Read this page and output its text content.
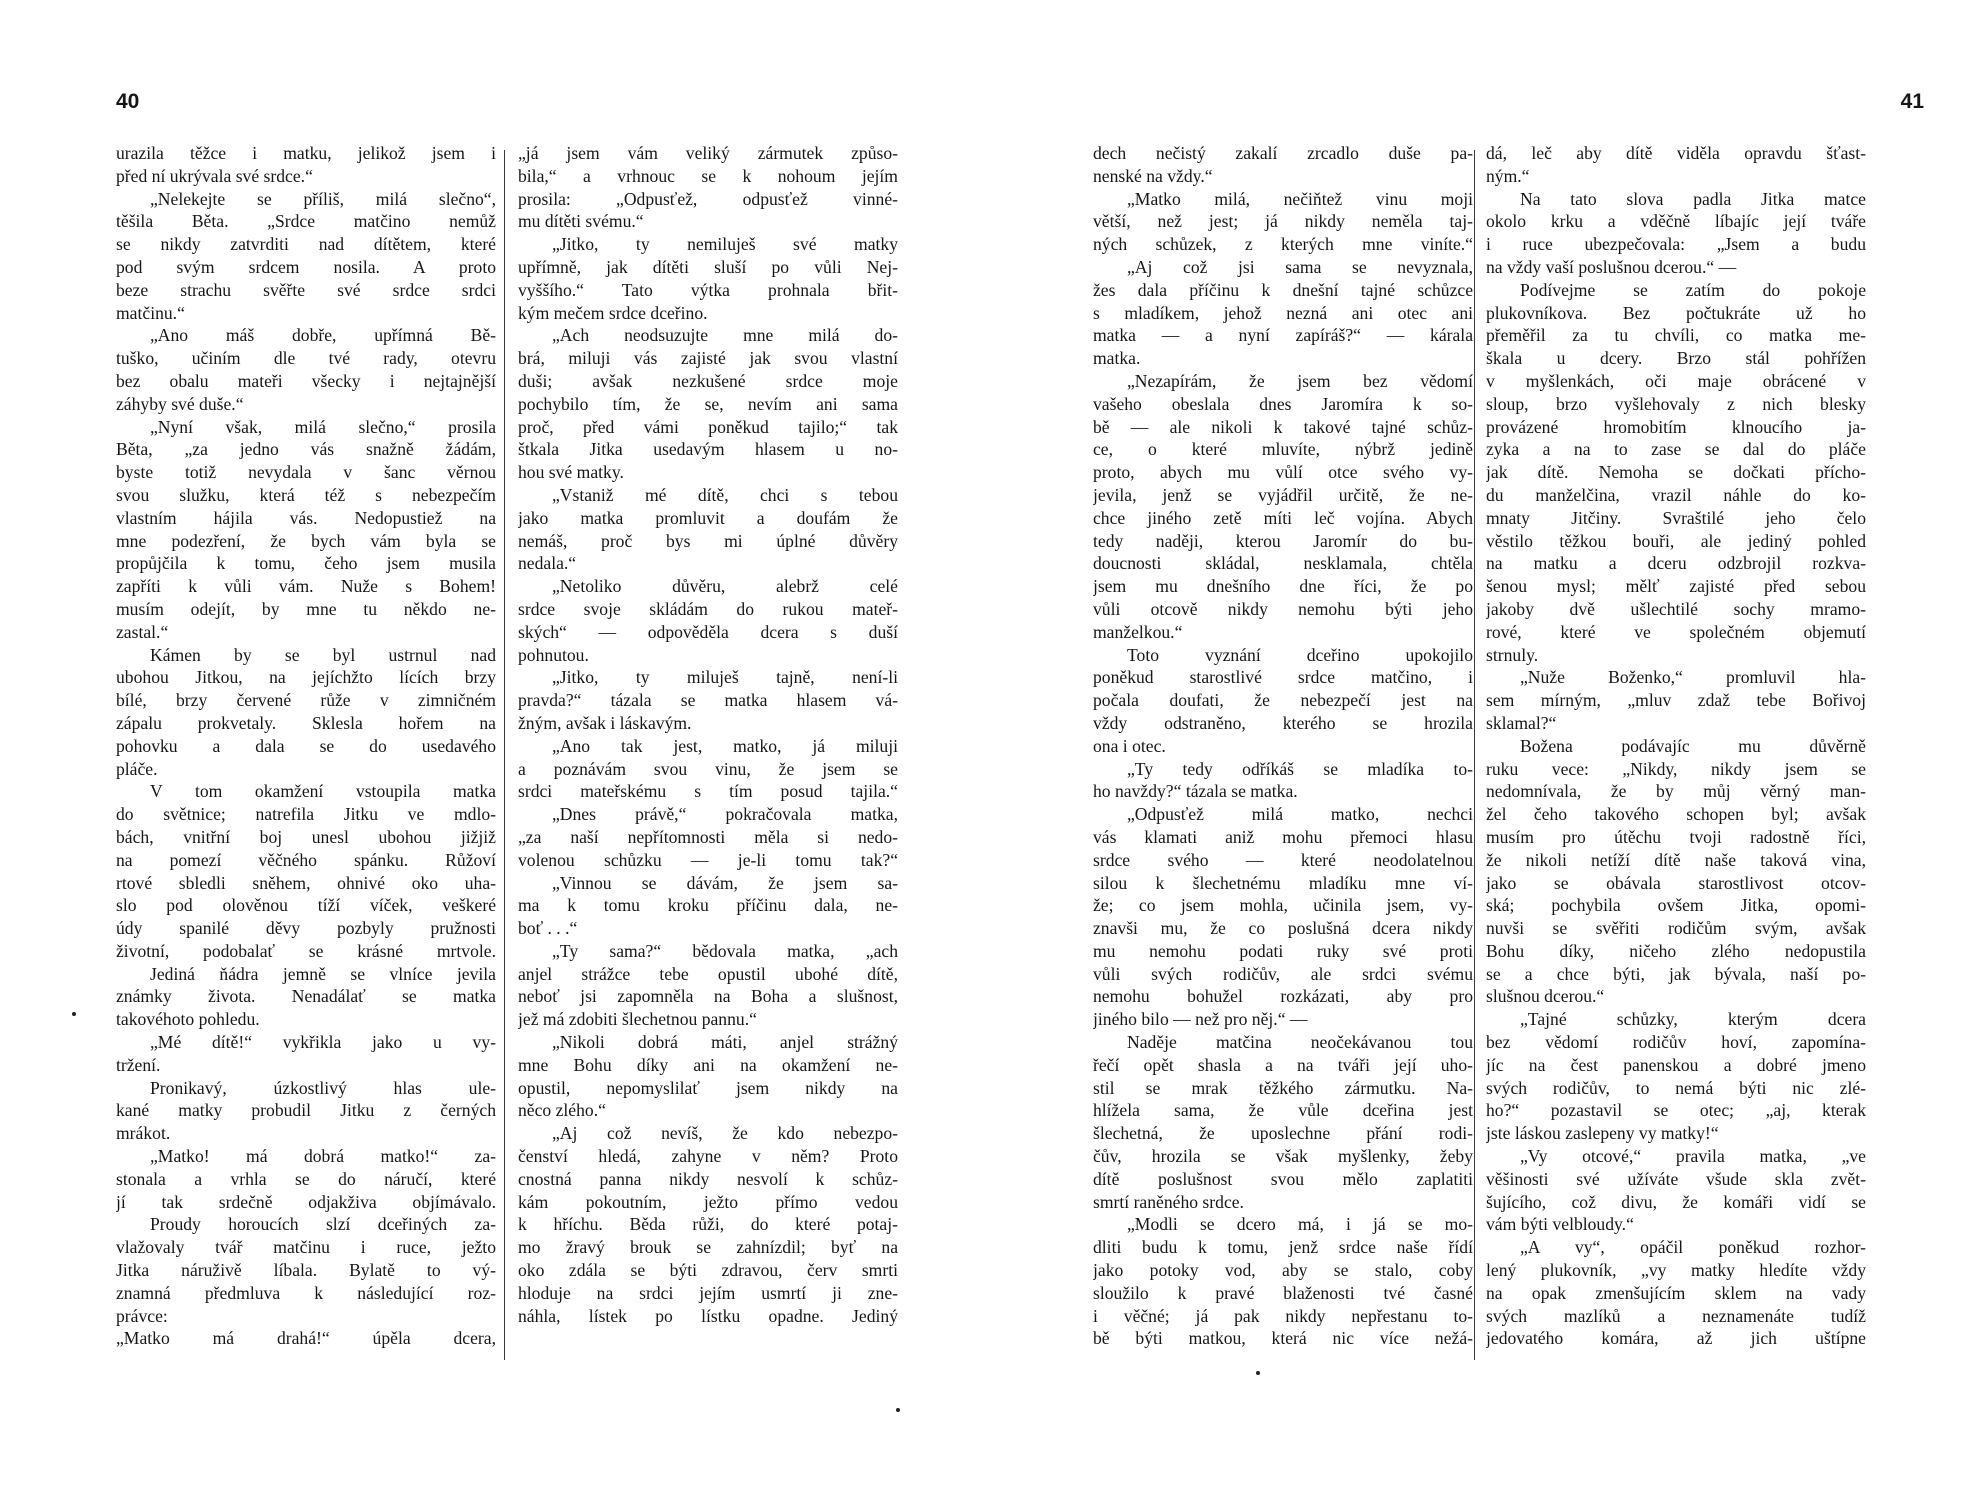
40
urazila těžce i matku, jelikož jsem i
před ní ukrývala své srdce.“
„Nelekejte se příliš, milá slečno“,
těšila Běta. „Srdce matčino nemůž
se nikdy zatvrditi nad dítětem, které
pod svým srdcem nosila. A proto
beze strachu svěřte své srdce srdci
matčinu.“
„Ano máš dobře, upřímná Bě-
tuško, učiním dle tvé rady, otevru
bez obalu mateři všecky i nejtajnější
záhyby své duše.“
„Nyní však, milá slečno,“ prosila
Běta, „za jedno vás snažně žádám,
byste totiž nevydala v šanc věrnou
svou služku, která též s nebezpečím
vlastním hájila vás. Nedopustiež na
mne podezření, že bych vám byla se
propůjčila k tomu, čeho jsem musila
zapříti k vůli vám. Nuže s Bohem!
musím odejít, by mne tu někdo ne-
zastal.“
Kámen by se byl ustrnul nad
ubohou Jitkou, na jejíchžto lících brzy
bílé, brzy červené růže v zimničném
zápalu prokvetaly. Sklesla hořem na
pohovku a dala se do usedavého
pláče.
V tom okamžení vstoupila matka
do světnice; natrefila Jitku ve mdlo-
bách, vnitřní boj unesl ubohou jižjiž
na pomezí věčného spánku. Růžoví
rtové sbledli sněhem, ohnivé oko uha-
slo pod olověnou tíží víček, veškeré
údy spanilé děvy pozbyly pružnosti
životní, podobalať se krásné mrtvole.
Jediná ňádra jemně se vlníce jevila
známky života. Nenadálať se matka
takovéhoto pohledu.
„Mé dítě!“ vykřikla jako u vy-
tržení.
Pronikavý, úzkostlivý hlas ule-
kané matky probudil Jitku z černých
mrákot.
„Matko! má dobrá matko!“ za-
stonala a vrhla se do náručí, které
jí tak srdečně odjakživa objímávalo.
Proudy horoucích slzí dceřiných za-
vlažovaly tvář matčinu i ruce, ježto
Jitka náruživě líbala. Bylatě to vý-
znamná předmluva k následující roz-
právce:
„Matko má drahá!“ úpěla dcera,
„já jsem vám veliký zármutek způso-
bila,“ a vrhnouc se k nohoum jejím
prosila: „Odpusťež, odpusťež vinné-
mu dítěti svému.“
„Jitko, ty nemiluješ své matky
upřímně, jak dítěti sluší po vůli Nej-
vyššího.“ Tato výtka prohnala břit-
kým mečem srdce dceřino.
„Ach neodsuzujte mne milá do-
brá, miluji vás zajisté jak svou vlastní
duši; avšak nezkušené srdce moje
pochybilo tím, že se, nevím ani sama
proč, před vámi poněkud tajilo;“ tak
štkala Jitka usedavým hlasem u no-
hou své matky.
„Vstaniž mé dítě, chci s tebou
jako matka promluvit a doufám že
nemáš, proč bys mi úplné důvěry
nedala.“
„Netoliko důvěru, alebrž celé
srdce svoje skládám do rukou mateř-
ských“ — odpověděla dcera s duší
pohnutou.
„Jitko, ty miluješ tajně, není-li
pravda?“ tázala se matka hlasem vá-
žným, avšak i láskavým.
„Ano tak jest, matko, já miluji
a poznávám svou vinu, že jsem se
srdci mateřskému s tím posud tajila.“
„Dnes právě,“ pokračovala matka,
„za naší nepřítomnosti měla si nedo-
volenou schůzku — je-li tomu tak?“
„Vinnou se dávám, že jsem sa-
ma k tomu kroku příčinu dala, ne-
boť . . .“
„Ty sama?“ bědovala matka, „ach
anjel strážce tebe opustil ubohé dítě,
neboť jsi zapomněla na Boha a slušnost,
jež má zdobiti šlechetnou pannu.“
„Nikoli dobrá máti, anjel strážný
mne Bohu díky ani na okamžení ne-
opustil, nepomyslilať jsem nikdy na
něco zlého.“
„Aj což nevíš, že kdo nebezpo-
čenství hledá, zahyne v něm? Proto
cnostná panna nikdy nesvolí k schůz-
kám pokoutním, ježto přímo vedou
k hříchu. Běda růži, do které potaj-
mo žravý brouk se zahnízdil; byť na
oko zdála se býti zdravou, červ smrti
hloduje na srdci jejím usmrtí ji zne-
náhla, lístek po lístku opadne. Jediný
41
dech nečistý zakalí zrcadlo duše pa-
nenské na vždy.“
„Matko milá, nečiňtež vinu moji
větší, než jest; já nikdy neměla taj-
ných schůzek, z kterých mne viníte.“
„Aj což jsi sama se nevyznala,
žes dala příčinu k dnešní tajné schůzce
s mladíkem, jehož nezná ani otec ani
matka — a nyní zapíráš?“ — kárala
matka.
„Nezapírám, že jsem bez vědomí
vašeho obeslala dnes Jaromíra k so-
bě — ale nikoli k takové tajné schůz-
ce, o které mluvíte, nýbrž jedině
proto, abych mu vůlí otce svého vy-
jevila, jenž se vyjádřil určitě, že ne-
chce jiného zetě míti leč vojína. Abych
tedy naději, kterou Jaromír do bu-
doucnosti skládal, nesklamala, chtěla
jsem mu dnešního dne říci, že po
vůli otcově nikdy nemohu býti jeho
manželkou.“
Toto vyznání dceřino upokojilo
poněkud starostlivé srdce matčino, i
počala doufati, že nebezpečí jest na
vždy odstraněno, kterého se hrozila
ona i otec.
„Ty tedy odříkáš se mladíka to-
ho navždy?“ tázala se matka.
„Odpusťež milá matko, nechci
vás klamati aniž mohu přemoci hlasu
srdce svého — které neodolatelnou
silou k šlechetnému mladíku mne ví-
že; co jsem mohla, učinila jsem, vy-
znavši mu, že co poslušná dcera nikdy
mu nemohu podati ruky své proti
vůli svých rodičův, ale srdci svému
nemohu bohužel rozkázati, aby pro
jiného bilo — než pro něj.“ —
Naděje matčina neočekávanou tou
řečí opět shasla a na tváři její uho-
stil se mrak těžkého zármutku. Na-
hlížela sama, že vůle dceřina jest
šlechetná, že uposlechne přání rodi-
čův, hrozila se však myšlenky, žeby
dítě poslušnost svou mělo zaplatiti
smrtí raněného srdce.
„Modli se dcero má, i já se mo-
dliti budu k tomu, jenž srdce naše řídí
jako potoky vod, aby se stalo, coby
sloužilo k pravé blaženosti tvé časné
i věčné; já pak nikdy nepřestanu to-
bě býti matkou, která nic více nežá-
dá, leč aby dítě viděla opravdu šťast-
ným.“
Na tato slova padla Jitka matce
okolo krku a vděčně líbajíc její tváře
i ruce ubezpečovala: „Jsem a budu
na vždy vaší poslušnou dcerou.“ —
Podívejme se zatím do pokoje
plukovníkova. Bez počtukráte už ho
přeměřil za tu chvíli, co matka me-
škala u dcery. Brzo stál pohřížen
v myšlenkách, oči maje obrácené v
sloup, brzo vyšlehovaly z nich blesky
provázené hromobitím klnoucího ja-
zyka a na to zase se dal do pláče
jak dítě. Nemoha se dočkati přícho-
du manželčina, vrazil náhle do ko-
mnaty Jitčiny. Svraštilé jeho čelo
věstilo těžkou bouři, ale jediný pohled
na matku a dceru odzbrojil rozkva-
šenou mysl; mělť zajisté před sebou
jakoby dvě ušlechtilé sochy mramo-
rové, které ve společném objemutí
strnuly.
„Nuže Boženko,“ promluvil hla-
sem mírným, „mluv zdaž tebe Bořivoj
sklamal?“
Božena podávajíc mu důvěrně
ruku vece: „Nikdy, nikdy jsem se
nedomnívala, že by můj věrný man-
žel čeho takového schopen byl; avšak
musím pro útěchu tvoji radostně říci,
že nikoli netíží dítě naše taková vina,
jako se obávala starostlivost otcov-
ská; pochybila ovšem Jitka, opomi-
nuvši se svěřiti rodičům svým, avšak
Bohu díky, ničeho zlého nedopustila
se a chce býti, jak bývala, naší po-
slušnou dcerou.“
„Tajné schůzky, kterým dcera
bez vědomí rodičův hoví, zapomína-
jíc na čest panenskou a dobré jmeno
svých rodičův, to nemá býti nic zlé-
ho?“ pozastavil se otec; „aj, kterak
jste láskou zaslepeny vy matky!“
„Vy otcové,“ pravila matka, „ve
věšinosti své užíváte všude skla zvět-
šujícího, což divu, že komáři vidí se
vám býti velbloudy.“
„A vy“, opáčil poněkud rozhor-
lený plukovník, „vy matky hledíte vždy
na opak zmenšujícím sklem na vady
svých mazlíků a neznamenáte tudíž
jedovatého komára, až jich uštípne
